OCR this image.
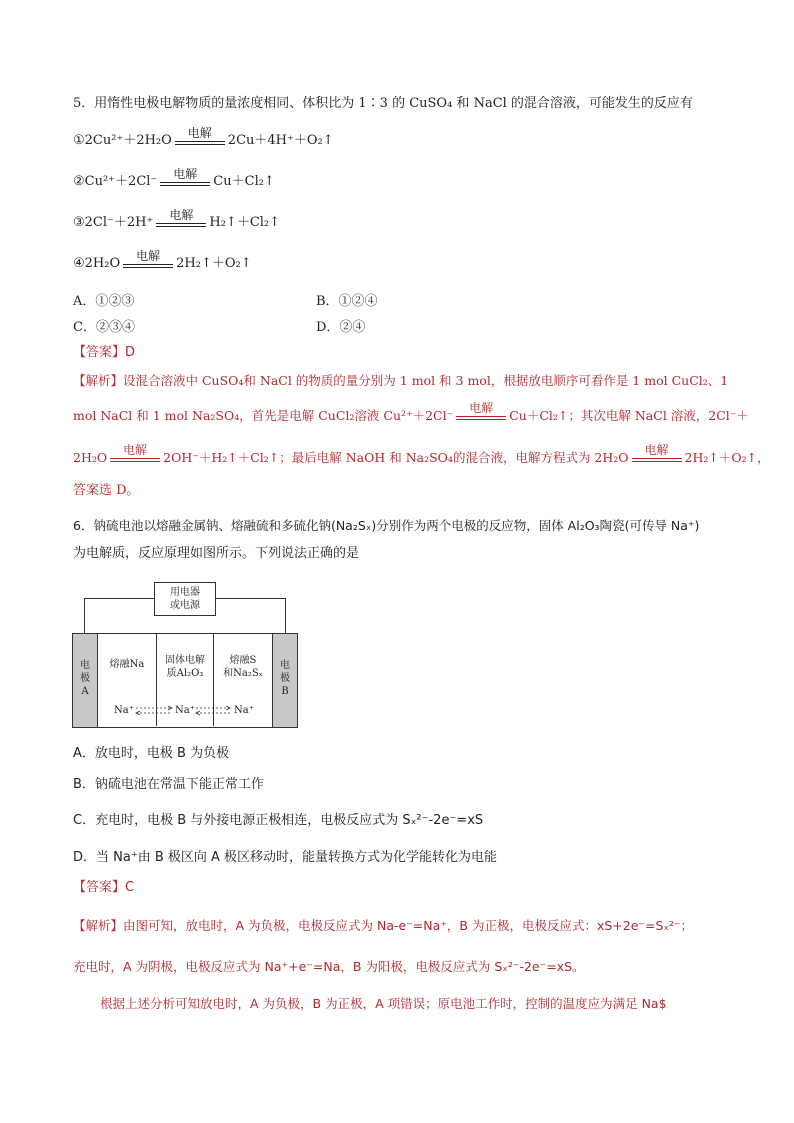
5．用惰性电极电解物质的量浓度相同、体积比为 1∶3 的 CuSO₄ 和 NaCl 的混合溶液，可能发生的反应有
①2Cu²⁺＋2H₂O	电解	2Cu＋4H⁺＋O₂↑
②Cu²⁺＋2Cl⁻	电解	Cu＋Cl₂↑
③2Cl⁻＋2H⁺	电解	H₂↑＋Cl₂↑
④2H₂O	电解	2H₂↑＋O₂↑
A．①②③	B．①②④
C．②③④	D．②④
【答案】D
【解析】设混合溶液中 CuSO₄和 NaCl 的物质的量分别为 1 mol 和 3 mol，根据放电顺序可看作是 1 mol CuCl₂、1
mol NaCl 和 1 mol Na₂SO₄，首先是电解 CuCl₂溶液 Cu²⁺＋2Cl⁻	电解	Cu＋Cl₂↑；其次电解 NaCl 溶液，2Cl⁻＋
2H₂O	电解	2OH⁻＋H₂↑＋Cl₂↑；最后电解 NaOH 和 Na₂SO₄的混合液，电解方程式为 2H₂O	电解	2H₂↑＋O₂↑，
答案选 D。
6．钠硫电池以熔融金属钠、熔融硫和多硫化钠(Na₂Sₓ)分别作为两个电极的反应物，固体 Al₂O₃陶瓷(可传导 Na⁺)
为电解质，反应原理如图所示。下列说法正确的是
用电器
或电源
电
极
A
电
极
B
熔融Na	固体电解
质Al₂O₃
熔融S
和Na₂Sₓ
Na⁺	Na⁺	Na⁺
A．放电时，电极 B 为负极
B．钠硫电池在常温下能正常工作
C．充电时，电极 B 与外接电源正极相连，电极反应式为 Sₓ²⁻-2e⁻=xS
D．当 Na⁺由 B 极区向 A 极区移动时，能量转换方式为化学能转化为电能
【答案】C
【解析】由图可知，放电时，A 为负极，电极反应式为 Na-e⁻=Na⁺，B 为正极，电极反应式：xS+2e⁻=Sₓ²⁻；
充电时，A 为阴极，电极反应式为 Na⁺+e⁻=Na，B 为阳极，电极反应式为 Sₓ²⁻-2e⁻=xS。
根据上述分析可知放电时，A 为负极，B 为正极，A 项错误；原电池工作时，控制的温度应为满足 Na$
